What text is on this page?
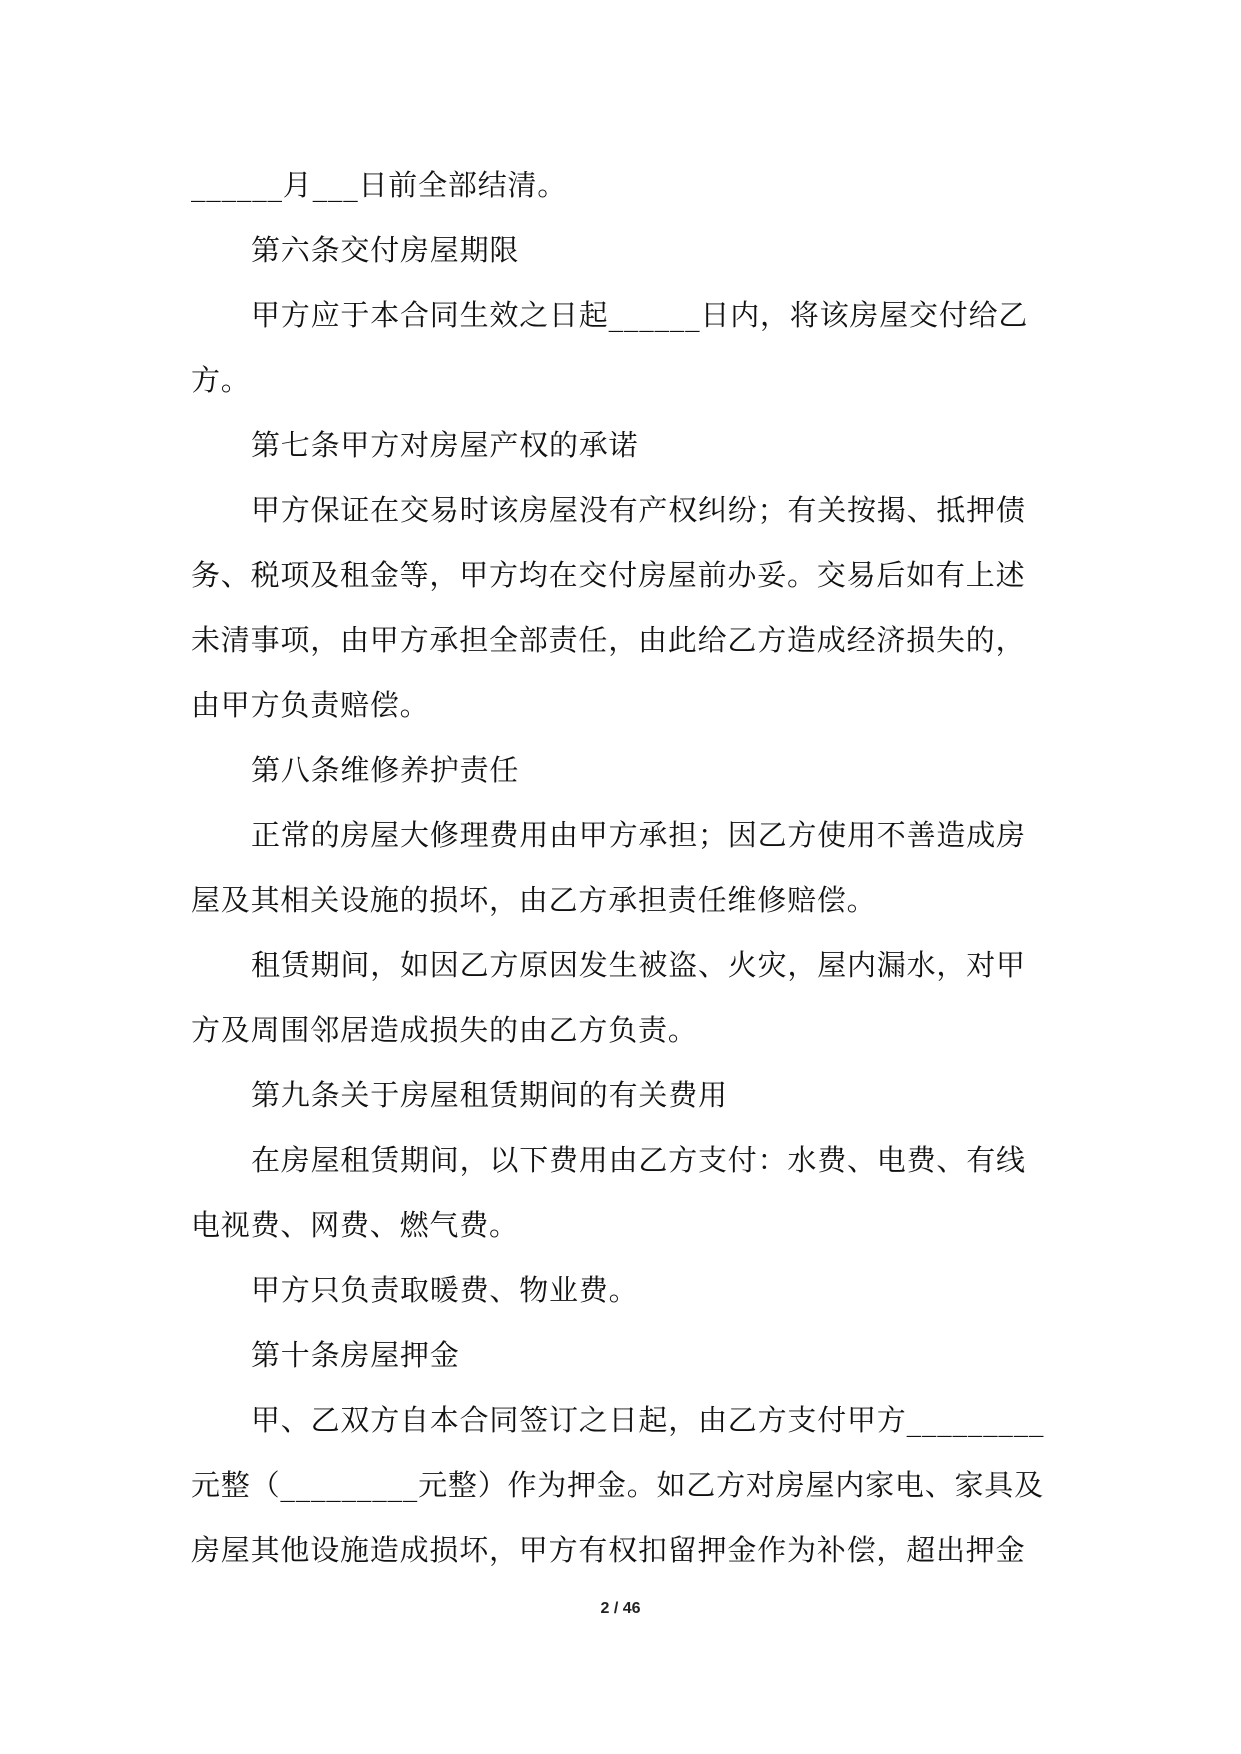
______月___日前全部结清。

第六条交付房屋期限

甲方应于本合同生效之日起______日内，将该房屋交付给乙

方。

第七条甲方对房屋产权的承诺

甲方保证在交易时该房屋没有产权纠纷；有关按揭、抵押债

务、税项及租金等，甲方均在交付房屋前办妥。交易后如有上述

未清事项，由甲方承担全部责任，由此给乙方造成经济损失的，

由甲方负责赔偿。

第八条维修养护责任

正常的房屋大修理费用由甲方承担；因乙方使用不善造成房

屋及其相关设施的损坏，由乙方承担责任维修赔偿。

租赁期间，如因乙方原因发生被盗、火灾，屋内漏水，对甲

方及周围邻居造成损失的由乙方负责。

第九条关于房屋租赁期间的有关费用

在房屋租赁期间，以下费用由乙方支付：水费、电费、有线

电视费、网费、燃气费。

甲方只负责取暖费、物业费。

第十条房屋押金

甲、乙双方自本合同签订之日起，由乙方支付甲方_________

元整（_________元整）作为押金。如乙方对房屋内家电、家具及

房屋其他设施造成损坏，甲方有权扣留押金作为补偿，超出押金

2 / 46
